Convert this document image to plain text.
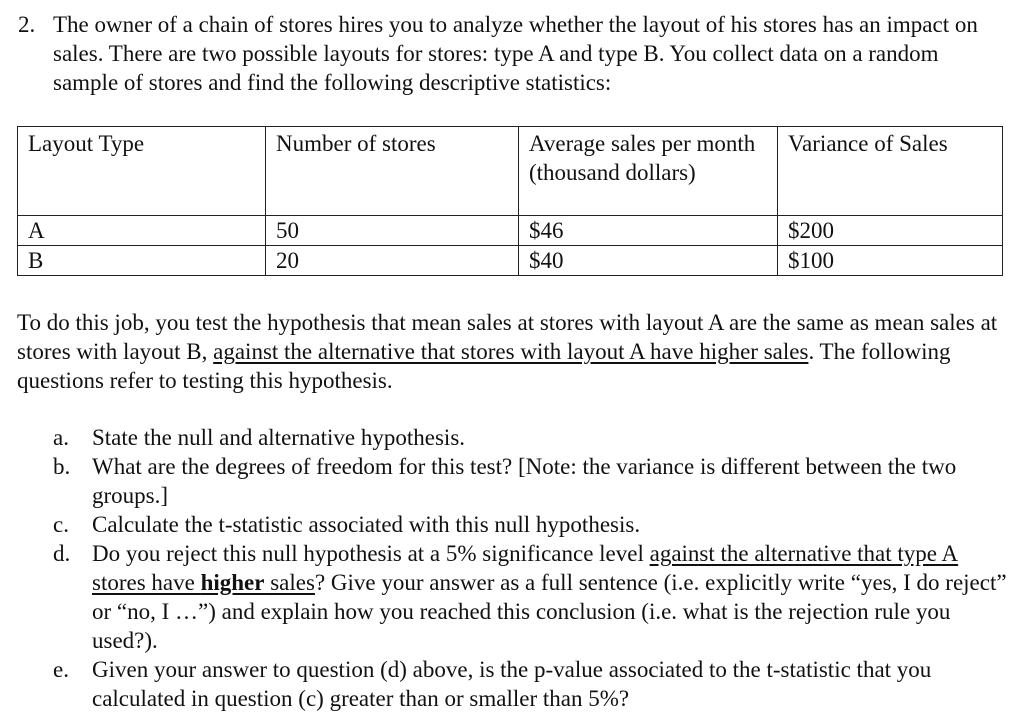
2. The owner of a chain of stores hires you to analyze whether the layout of his stores has an impact on sales. There are two possible layouts for stores: type A and type B. You collect data on a random sample of stores and find the following descriptive statistics:
Layout Type	Number of stores	Average sales per month (thousand dollars)	Variance of Sales
A	50	$46	$200
B	20	$40	$100
To do this job, you test the hypothesis that mean sales at stores with layout A are the same as mean sales at stores with layout B, against the alternative that stores with layout A have higher sales. The following questions refer to testing this hypothesis.
a. State the null and alternative hypothesis.
b. What are the degrees of freedom for this test? [Note: the variance is different between the two groups.]
c. Calculate the t-statistic associated with this null hypothesis.
d. Do you reject this null hypothesis at a 5% significance level against the alternative that type A stores have higher sales? Give your answer as a full sentence (i.e. explicitly write “yes, I do reject” or “no, I …”) and explain how you reached this conclusion (i.e. what is the rejection rule you used?).
e. Given your answer to question (d) above, is the p-value associated to the t-statistic that you calculated in question (c) greater than or smaller than 5%?
